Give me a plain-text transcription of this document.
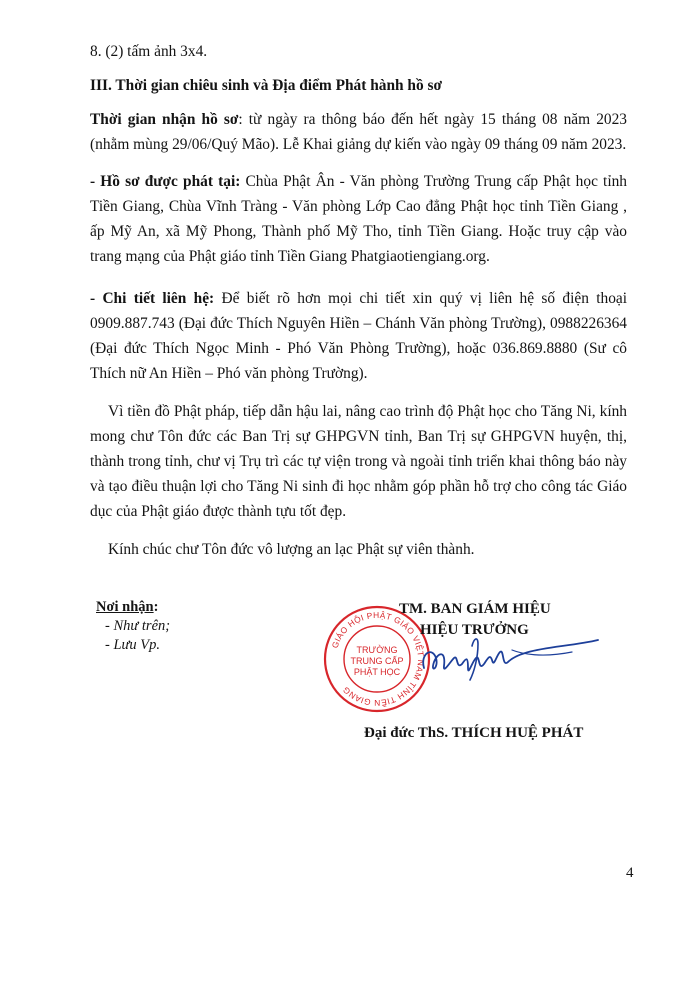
8. (2) tấm ảnh 3x4.
III. Thời gian chiêu sinh và Địa điểm Phát hành hồ sơ

Thời gian nhận hồ sơ: từ ngày ra thông báo đến hết ngày 15 tháng 08 năm 2023 (nhằm mùng 29/06/Quý Mão). Lễ Khai giảng dự kiến vào ngày 09 tháng 09 năm 2023.

- Hồ sơ được phát tại: Chùa Phật Ân - Văn phòng Trường Trung cấp Phật học tỉnh Tiền Giang, Chùa Vĩnh Tràng - Văn phòng Lớp Cao đẳng Phật học tỉnh Tiền Giang , ấp Mỹ An, xã Mỹ Phong, Thành phố Mỹ Tho, tỉnh Tiền Giang. Hoặc truy cập vào trang mạng của Phật giáo tỉnh Tiền Giang Phatgiaotiengiang.org.

- Chi tiết liên hệ: Để biết rõ hơn mọi chi tiết xin quý vị liên hệ số điện thoại 0909.887.743 (Đại đức Thích Nguyên Hiền – Chánh Văn phòng Trường), 0988226364 (Đại đức Thích Ngọc Minh - Phó Văn Phòng Trường), hoặc 036.869.8880 (Sư cô Thích nữ An Hiền – Phó văn phòng Trường).

Vì tiền đồ Phật pháp, tiếp dẫn hậu lai, nâng cao trình độ Phật học cho Tăng Ni, kính mong chư Tôn đức các Ban Trị sự GHPGVN tỉnh, Ban Trị sự GHPGVN huyện, thị, thành trong tỉnh, chư vị Trụ trì các tự viện trong và ngoài tỉnh triển khai thông báo này và tạo điều thuận lợi cho Tăng Ni sinh đi học nhằm góp phần hỗ trợ cho công tác Giáo dục của Phật giáo được thành tựu tốt đẹp.

Kính chúc chư Tôn đức vô lượng an lạc Phật sự viên thành.

Nơi nhận:
- Như trên;
- Lưu Vp.	GIÁO HỘI PHẬT GIÁO VIỆT NAM TỈNH TIỀN GIANG
TRƯỜNG
TRUNG CẤP
PHẬT HỌC
TM. BAN GIÁM HIỆU
HIỆU TRƯỞNG
Đại đức ThS. THÍCH HUỆ PHÁT
4
